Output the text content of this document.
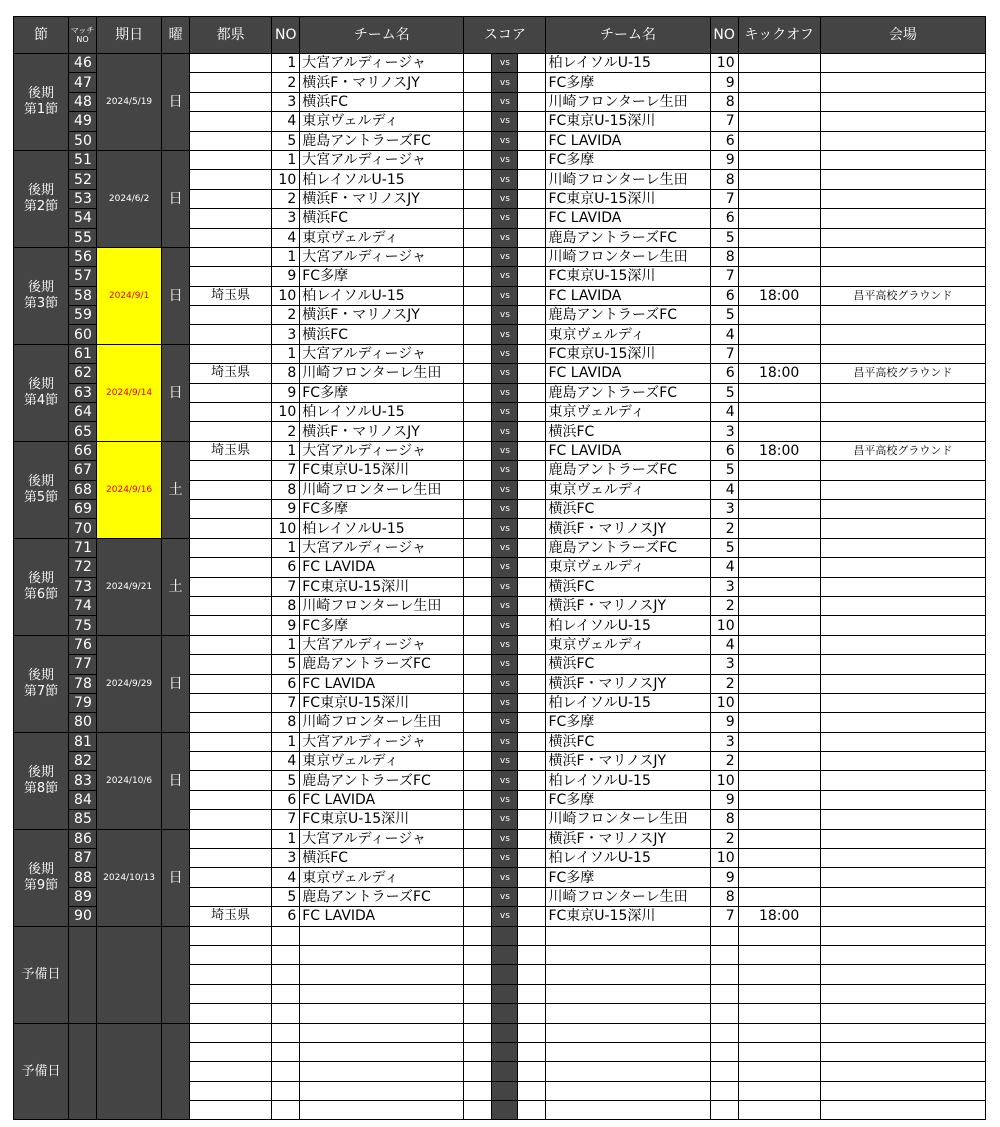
節	マッチNO	期日	曜	都県	NO	チーム名	スコア			チーム名	NO	キックオフ	会場
後期
第1節	46	2024/5/19	日		1	大宮アルディージャ		vs		柏レイソルU-15	10		
	47				2	横浜F・マリノスJY		vs		FC多摩	9		
	48				3	横浜FC		vs		川崎フロンターレ生田	8		
	49				4	東京ヴェルディ		vs		FC東京U-15深川	7		
	50				5	鹿島アントラーズFC		vs		FC LAVIDA	6		
後期
第2節	51	2024/6/2	日		1	大宮アルディージャ		vs		FC多摩	9		
	52				10	柏レイソルU-15		vs		川崎フロンターレ生田	8		
	53				2	横浜F・マリノスJY		vs		FC東京U-15深川	7		
	54				3	横浜FC		vs		FC LAVIDA	6		
	55				4	東京ヴェルディ		vs		鹿島アントラーズFC	5		
後期
第3節	56	2024/9/1	日		1	大宮アルディージャ		vs		川崎フロンターレ生田	8		
	57				9	FC多摩		vs		FC東京U-15深川	7		
	58			埼玉県	10	柏レイソルU-15		vs		FC LAVIDA	6	18:00	昌平高校グラウンド
	59				2	横浜F・マリノスJY		vs		鹿島アントラーズFC	5		
	60				3	横浜FC		vs		東京ヴェルディ	4		
後期
第4節	61	2024/9/14	日		1	大宮アルディージャ		vs		FC東京U-15深川	7		
	62			埼玉県	8	川崎フロンターレ生田		vs		FC LAVIDA	6	18:00	昌平高校グラウンド
	63				9	FC多摩		vs		鹿島アントラーズFC	5		
	64				10	柏レイソルU-15		vs		東京ヴェルディ	4		
	65				2	横浜F・マリノスJY		vs		横浜FC	3		
後期
第5節	66	2024/9/16	土	埼玉県	1	大宮アルディージャ		vs		FC LAVIDA	6	18:00	昌平高校グラウンド
	67				7	FC東京U-15深川		vs		鹿島アントラーズFC	5		
	68				8	川崎フロンターレ生田		vs		東京ヴェルディ	4		
	69				9	FC多摩		vs		横浜FC	3		
	70				10	柏レイソルU-15		vs		横浜F・マリノスJY	2		
後期
第6節	71	2024/9/21	土		1	大宮アルディージャ		vs		鹿島アントラーズFC	5		
	72				6	FC LAVIDA		vs		東京ヴェルディ	4		
	73				7	FC東京U-15深川		vs		横浜FC	3		
	74				8	川崎フロンターレ生田		vs		横浜F・マリノスJY	2		
	75				9	FC多摩		vs		柏レイソルU-15	10		
後期
第7節	76	2024/9/29	日		1	大宮アルディージャ		vs		東京ヴェルディ	4		
	77				5	鹿島アントラーズFC		vs		横浜FC	3		
	78				6	FC LAVIDA		vs		横浜F・マリノスJY	2		
	79				7	FC東京U-15深川		vs		柏レイソルU-15	10		
	80				8	川崎フロンターレ生田		vs		FC多摩	9		
後期
第8節	81	2024/10/6	日		1	大宮アルディージャ		vs		横浜FC	3		
	82				4	東京ヴェルディ		vs		横浜F・マリノスJY	2		
	83				5	鹿島アントラーズFC		vs		柏レイソルU-15	10		
	84				6	FC LAVIDA		vs		FC多摩	9		
	85				7	FC東京U-15深川		vs		川崎フロンターレ生田	8		
後期
第9節	86	2024/10/13	日		1	大宮アルディージャ		vs		横浜F・マリノスJY	2		
	87				3	横浜FC		vs		柏レイソルU-15	10		
	88				4	東京ヴェルディ		vs		FC多摩	9		
	89				5	鹿島アントラーズFC		vs		川崎フロンターレ生田	8		
	90			埼玉県	6	FC LAVIDA		vs		FC東京U-15深川	7	18:00	
予備日													

予備日													
